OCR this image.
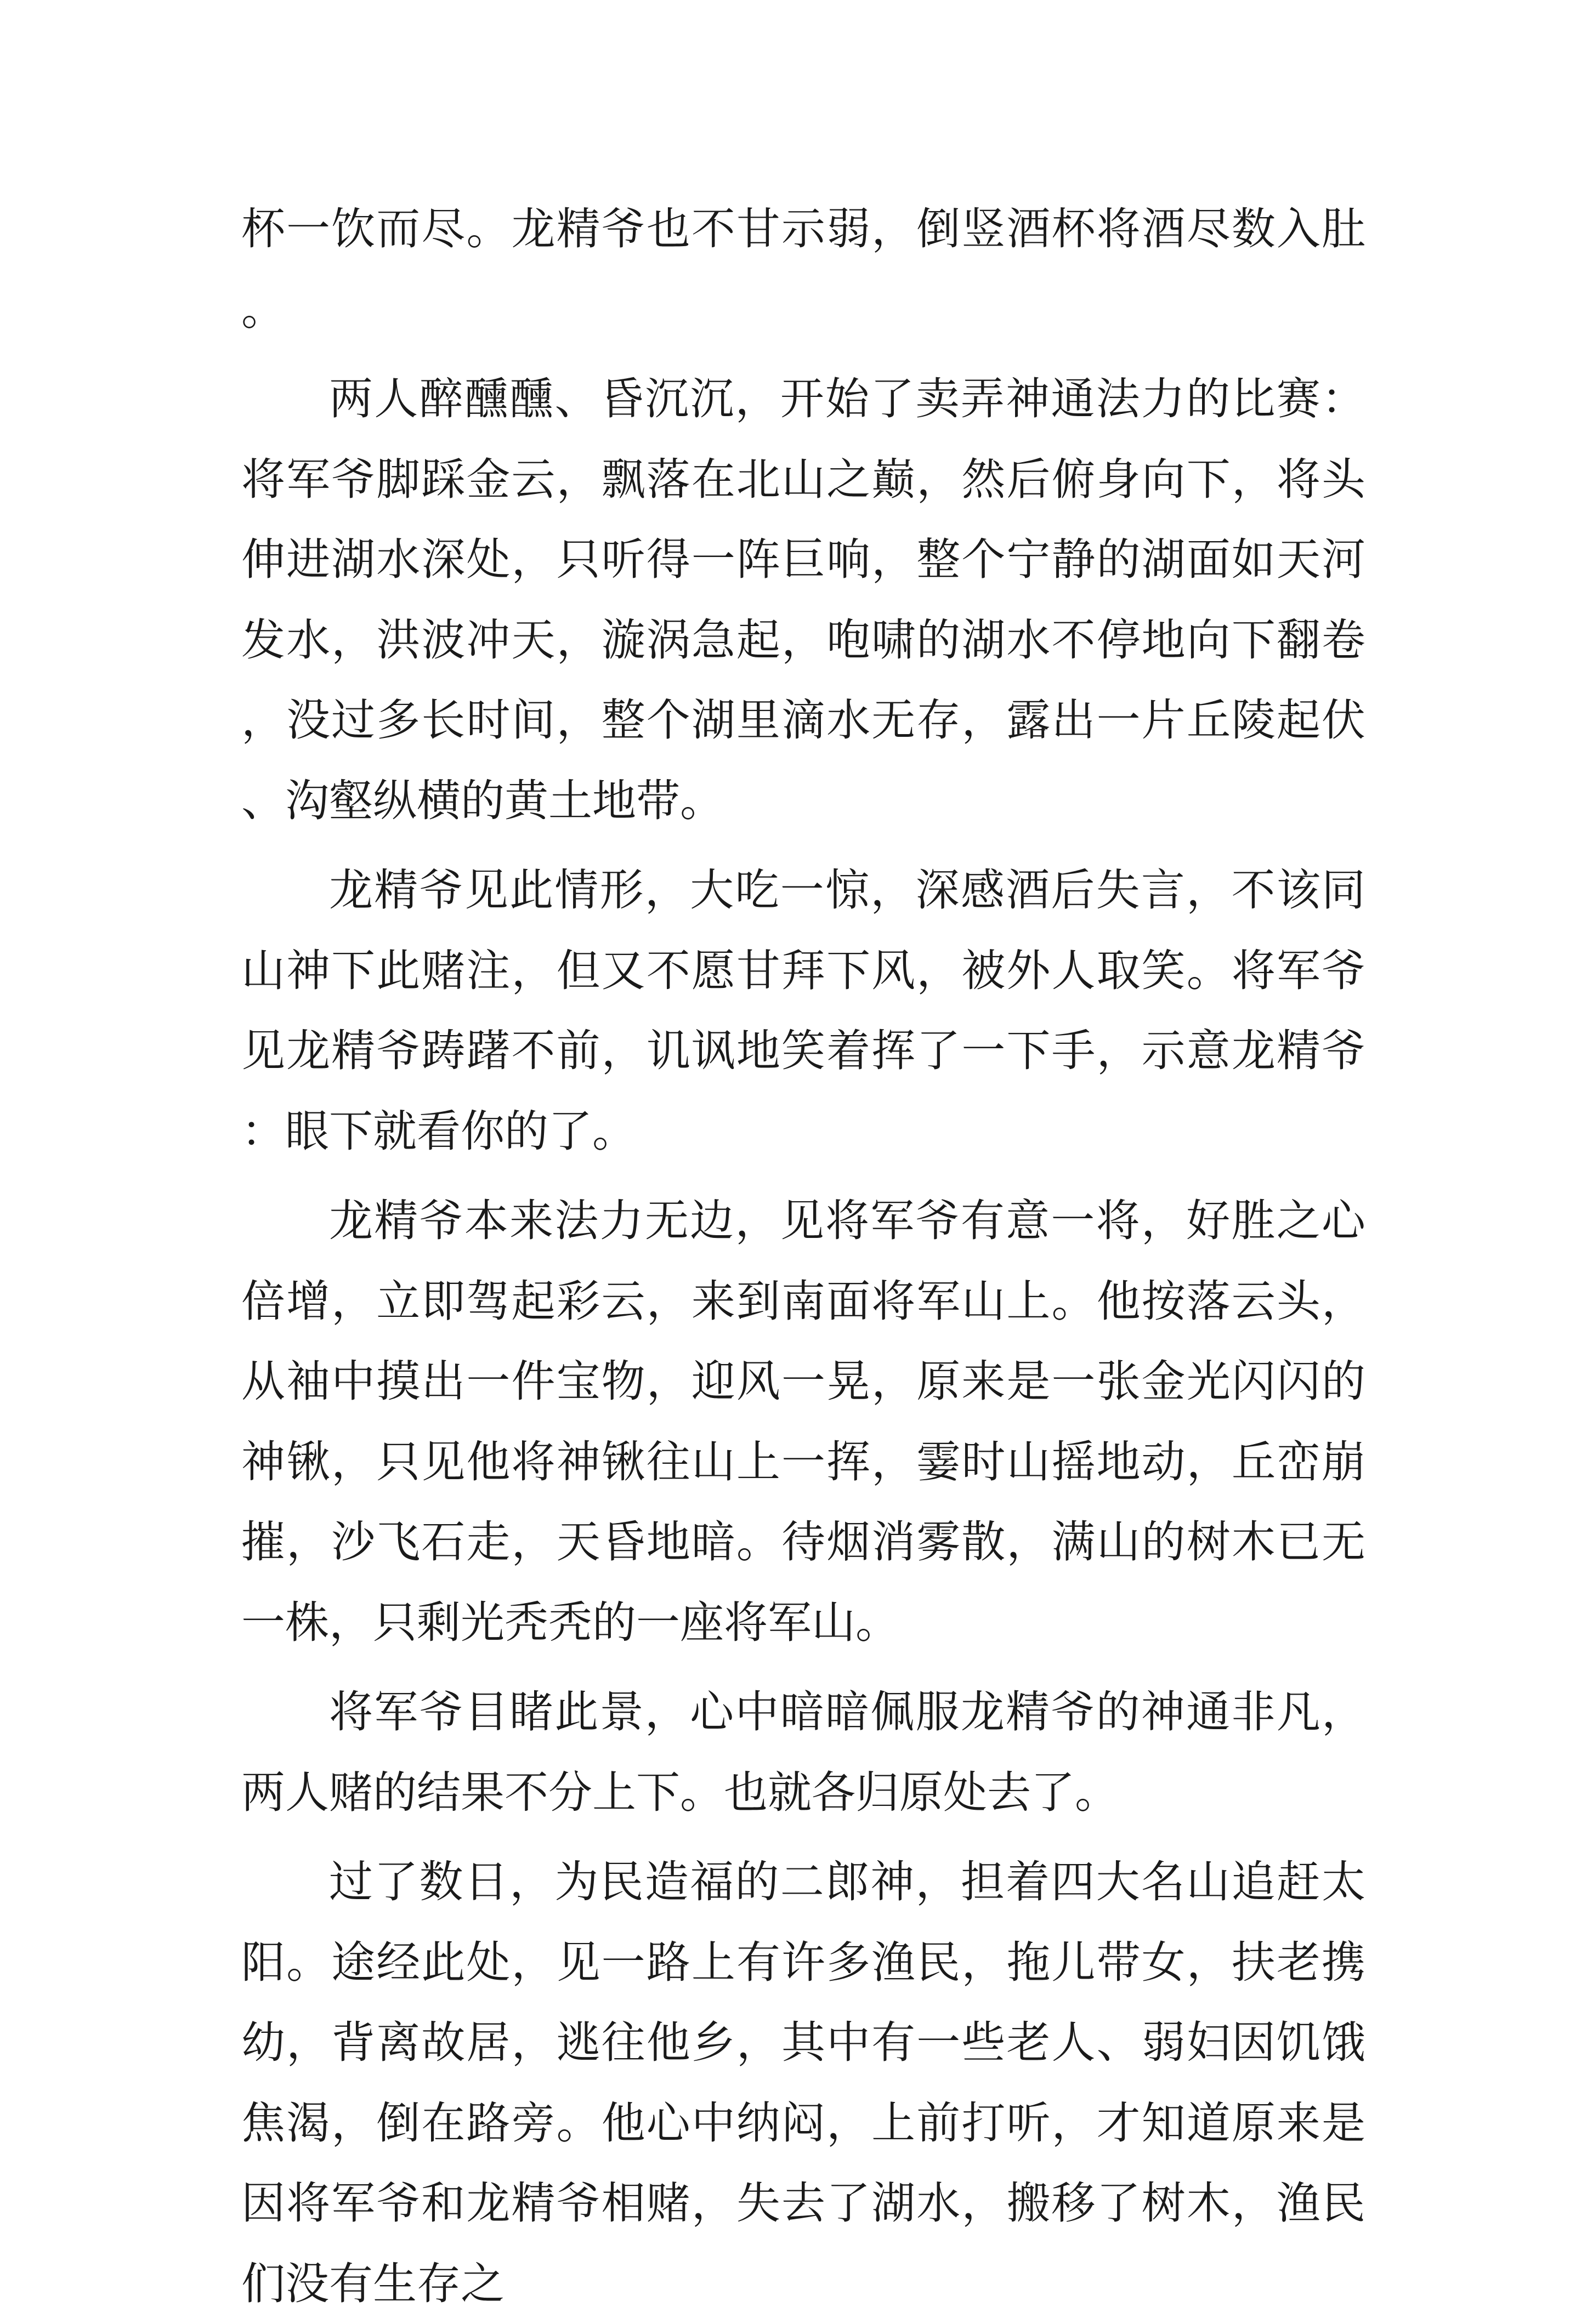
杯一饮而尽。龙精爷也不甘示弱，倒竖酒杯将酒尽数入肚。

两人醉醺醺、昏沉沉，开始了卖弄神通法力的比赛：将军爷脚踩金云，飘落在北山之巅，然后俯身向下，将头伸进湖水深处，只听得一阵巨响，整个宁静的湖面如天河发水，洪波冲天，漩涡急起，咆啸的湖水不停地向下翻卷，没过多长时间，整个湖里滴水无存，露出一片丘陵起伏、沟壑纵横的黄土地带。

龙精爷见此情形，大吃一惊，深感酒后失言，不该同山神下此赌注，但又不愿甘拜下风，被外人取笑。将军爷见龙精爷踌躇不前，讥讽地笑着挥了一下手，示意龙精爷：眼下就看你的了。

龙精爷本来法力无边，见将军爷有意一将，好胜之心倍增，立即驾起彩云，来到南面将军山上。他按落云头，从袖中摸出一件宝物，迎风一晃，原来是一张金光闪闪的神锹，只见他将神锹往山上一挥，霎时山摇地动，丘峦崩摧，沙飞石走，天昏地暗。待烟消雾散，满山的树木已无一株，只剩光秃秃的一座将军山。

将军爷目睹此景，心中暗暗佩服龙精爷的神通非凡，两人赌的结果不分上下。也就各归原处去了。

过了数日，为民造福的二郎神，担着四大名山追赶太阳。途经此处，见一路上有许多渔民，拖儿带女，扶老携幼，背离故居，逃往他乡，其中有一些老人、弱妇因饥饿焦渴，倒在路旁。他心中纳闷，上前打听，才知道原来是因将军爷和龙精爷相赌，失去了湖水，搬移了树木，渔民们没有生存之
